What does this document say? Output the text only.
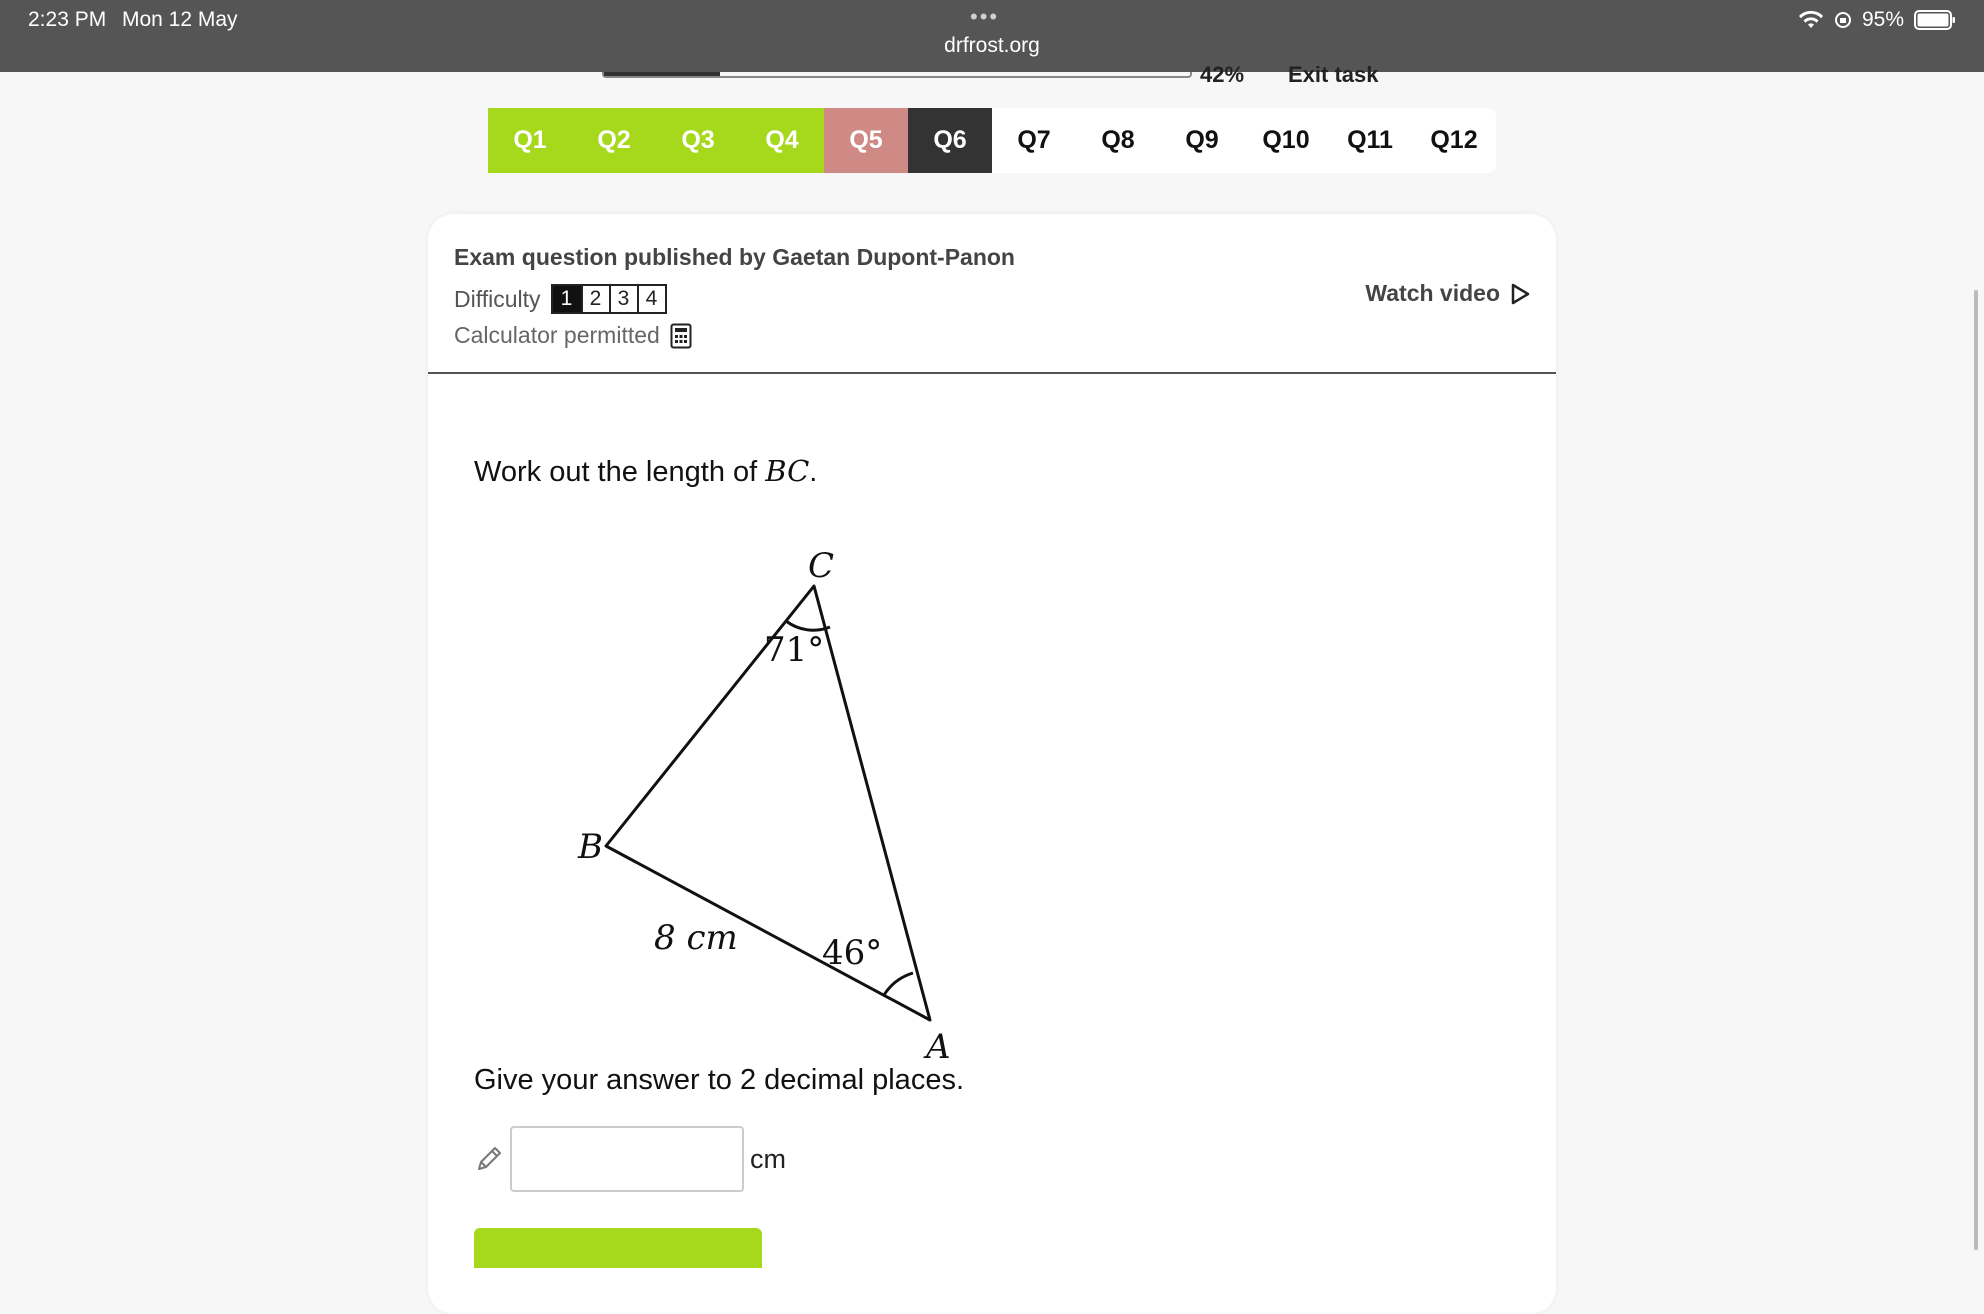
2:23 PM Mon 12 May	•••
drfrost.org
95%
42% Exit task
Q1	Q2	Q3	Q4	Q5	Q6	Q7	Q8	Q9	Q10	Q11	Q12
Exam question published by Gaetan Dupont-Panon
Difficulty 1 2 3 4
Calculator permitted
Watch video
Work out the length of BC.
C
B
A
71°
46°
8 cm
Give your answer to 2 decimal places.
cm
